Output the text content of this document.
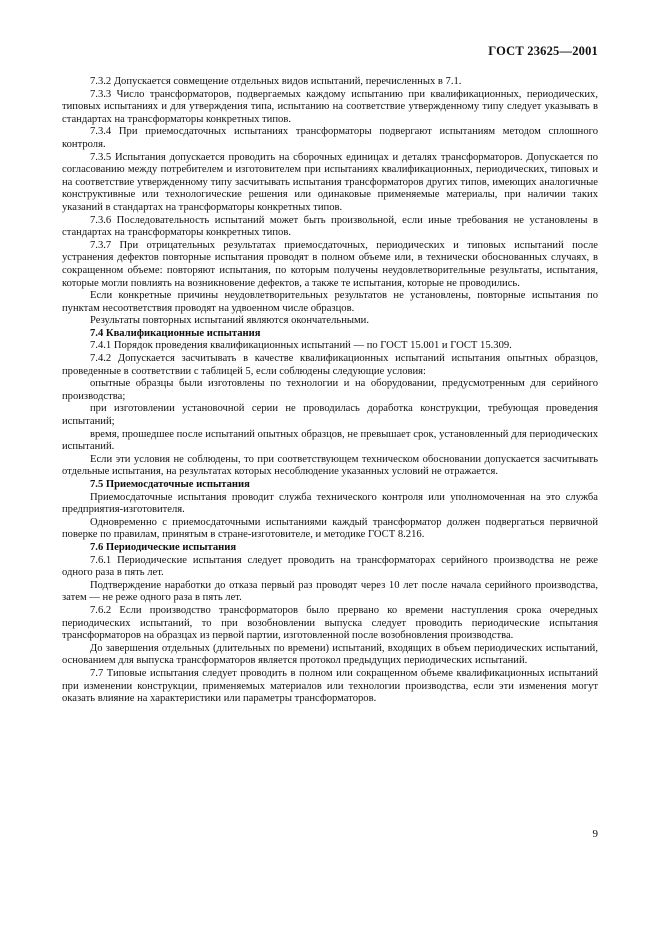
ГОСТ 23625—2001

7.3.2 Допускается совмещение отдельных видов испытаний, перечисленных в 7.1.

7.3.3 Число трансформаторов, подвергаемых каждому испытанию при квалификационных, периодических, типовых испытаниях и для утверждения типа, испытанию на соответствие утвержденному типу следует указывать в стандартах на трансформаторы конкретных типов.

7.3.4 При приемосдаточных испытаниях трансформаторы подвергают испытаниям методом сплошного контроля.

7.3.5 Испытания допускается проводить на сборочных единицах и деталях трансформаторов. Допускается по согласованию между потребителем и изготовителем при испытаниях квалификационных, периодических, типовых и на соответствие утвержденному типу засчитывать испытания трансформаторов других типов, имеющих аналогичные конструктивные или технологические решения или одинаковые применяемые материалы, при наличии таких указаний в стандартах на трансформаторы конкретных типов.

7.3.6 Последовательность испытаний может быть произвольной, если иные требования не установлены в стандартах на трансформаторы конкретных типов.

7.3.7 При отрицательных результатах приемосдаточных, периодических и типовых испытаний после устранения дефектов повторные испытания проводят в полном объеме или, в технически обоснованных случаях, в сокращенном объеме: повторяют испытания, по которым получены неудовлетворительные результаты, испытания, которые могли повлиять на возникновение дефектов, а также те испытания, которые не проводились.

Если конкретные причины неудовлетворительных результатов не установлены, повторные испытания по пунктам несоответствия проводят на удвоенном числе образцов.

Результаты повторных испытаний являются окончательными.

7.4 Квалификационные испытания

7.4.1 Порядок проведения квалификационных испытаний — по ГОСТ 15.001 и ГОСТ 15.309.

7.4.2 Допускается засчитывать в качестве квалификационных испытаний испытания опытных образцов, проведенные в соответствии с таблицей 5, если соблюдены следующие условия:

опытные образцы были изготовлены по технологии и на оборудовании, предусмотренным для серийного производства;

при изготовлении установочной серии не проводилась доработка конструкции, требующая проведения испытаний;

время, прошедшее после испытаний опытных образцов, не превышает срок, установленный для периодических испытаний.

Если эти условия не соблюдены, то при соответствующем техническом обосновании допускается засчитывать отдельные испытания, на результатах которых несоблюдение указанных условий не отражается.

7.5 Приемосдаточные испытания

Приемосдаточные испытания проводит служба технического контроля или уполномоченная на это служба предприятия-изготовителя.

Одновременно с приемосдаточными испытаниями каждый трансформатор должен подвергаться первичной поверке по правилам, принятым в стране-изготовителе, и методике ГОСТ 8.216.

7.6 Периодические испытания

7.6.1 Периодические испытания следует проводить на трансформаторах серийного производства не реже одного раза в пять лет.

Подтверждение наработки до отказа первый раз проводят через 10 лет после начала серийного производства, затем — не реже одного раза в пять лет.

7.6.2 Если производство трансформаторов было прервано ко времени наступления срока очередных периодических испытаний, то при возобновлении выпуска следует проводить периодические испытания трансформаторов на образцах из первой партии, изготовленной после возобновления производства.

До завершения отдельных (длительных по времени) испытаний, входящих в объем периодических испытаний, основанием для выпуска трансформаторов является протокол предыдущих периодических испытаний.

7.7 Типовые испытания следует проводить в полном или сокращенном объеме квалификационных испытаний при изменении конструкции, применяемых материалов или технологии производства, если эти изменения могут оказать влияние на характеристики или параметры трансформаторов.

9
